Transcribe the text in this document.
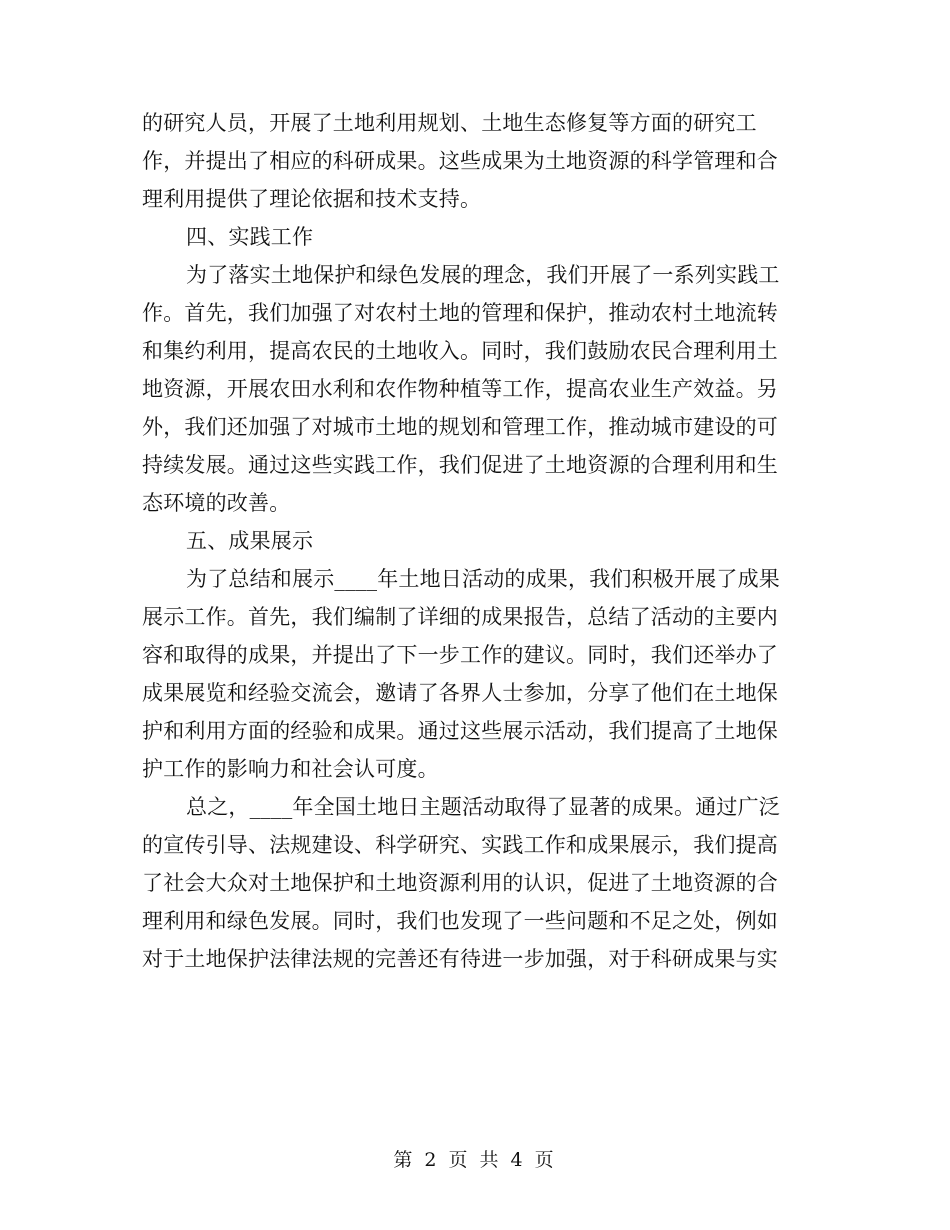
的研究人员，开展了土地利用规划、土地生态修复等方面的研究工
作，并提出了相应的科研成果。这些成果为土地资源的科学管理和合
理利用提供了理论依据和技术支持。
四、实践工作
为了落实土地保护和绿色发展的理念，我们开展了一系列实践工
作。首先，我们加强了对农村土地的管理和保护，推动农村土地流转
和集约利用，提高农民的土地收入。同时，我们鼓励农民合理利用土
地资源，开展农田水利和农作物种植等工作，提高农业生产效益。另
外，我们还加强了对城市土地的规划和管理工作，推动城市建设的可
持续发展。通过这些实践工作，我们促进了土地资源的合理利用和生
态环境的改善。
五、成果展示
为了总结和展示____年土地日活动的成果，我们积极开展了成果
展示工作。首先，我们编制了详细的成果报告，总结了活动的主要内
容和取得的成果，并提出了下一步工作的建议。同时，我们还举办了
成果展览和经验交流会，邀请了各界人士参加，分享了他们在土地保
护和利用方面的经验和成果。通过这些展示活动，我们提高了土地保
护工作的影响力和社会认可度。
总之，____年全国土地日主题活动取得了显著的成果。通过广泛
的宣传引导、法规建设、科学研究、实践工作和成果展示，我们提高
了社会大众对土地保护和土地资源利用的认识，促进了土地资源的合
理利用和绿色发展。同时，我们也发现了一些问题和不足之处，例如
对于土地保护法律法规的完善还有待进一步加强，对于科研成果与实
第 2 页 共 4 页
